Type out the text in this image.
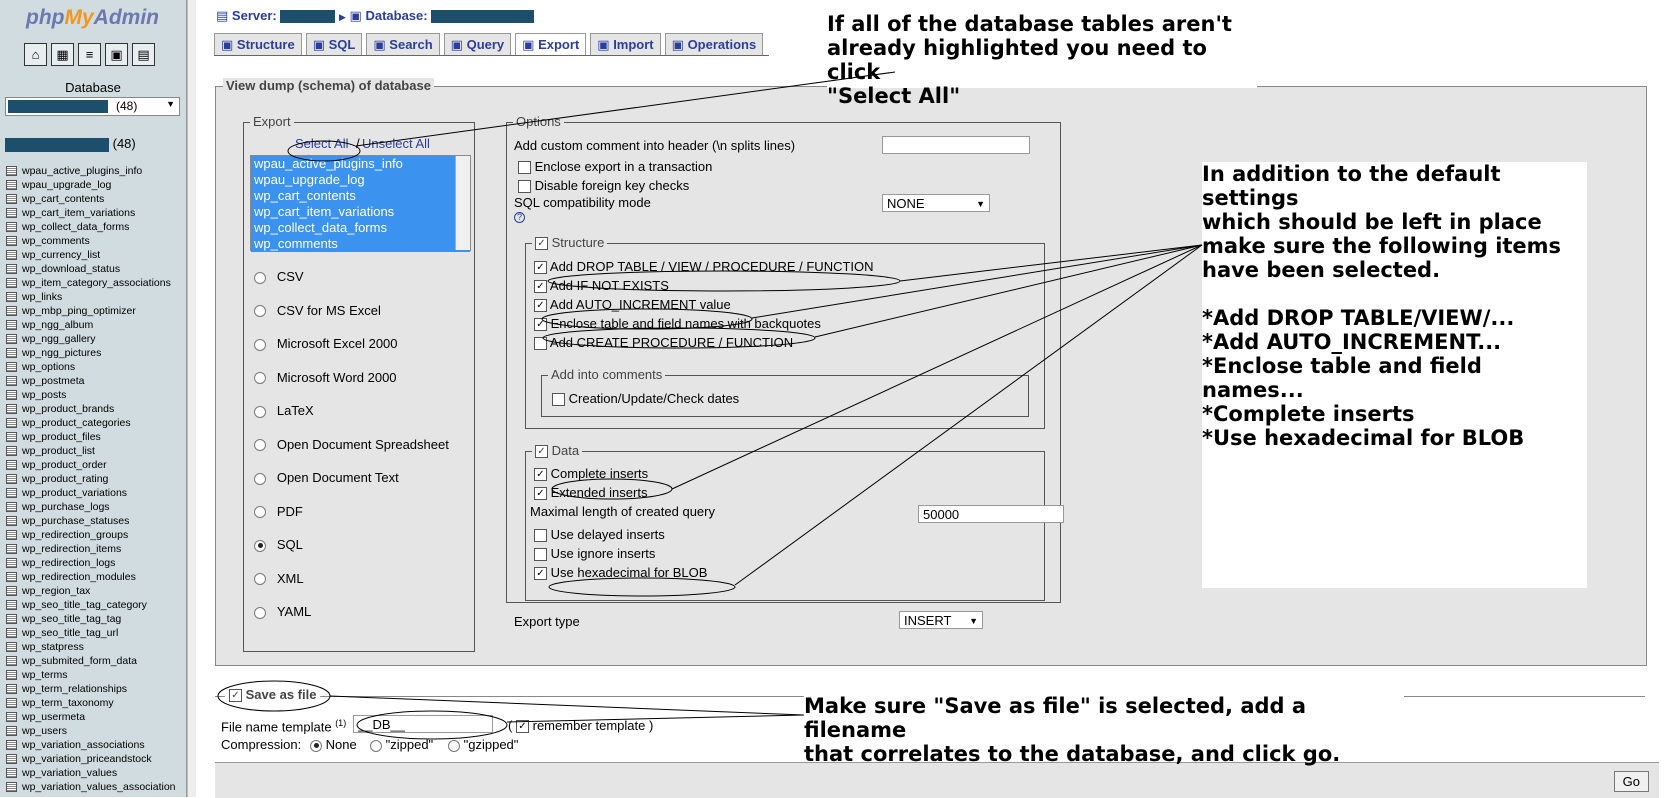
phpMyAdmin
⌂	▦	≡	▣	▤
Database
(48)	▼
(48)
wpau_active_plugins_info
wpau_upgrade_log
wp_cart_contents
wp_cart_item_variations
wp_collect_data_forms
wp_comments
wp_currency_list
wp_download_status
wp_item_category_associations
wp_links
wp_mbp_ping_optimizer
wp_ngg_album
wp_ngg_gallery
wp_ngg_pictures
wp_options
wp_postmeta
wp_posts
wp_product_brands
wp_product_categories
wp_product_files
wp_product_list
wp_product_order
wp_product_rating
wp_product_variations
wp_purchase_logs
wp_purchase_statuses
wp_redirection_groups
wp_redirection_items
wp_redirection_logs
wp_redirection_modules
wp_region_tax
wp_seo_title_tag_category
wp_seo_title_tag_tag
wp_seo_title_tag_url
wp_statpress
wp_submited_form_data
wp_terms
wp_term_relationships
wp_term_taxonomy
wp_usermeta
wp_users
wp_variation_associations
wp_variation_priceandstock
wp_variation_values
wp_variation_values_association
▤ Server:	▶ ▣ Database:
▣ Structure	▣ SQL	▣ Search	▣ Query	▣ Export	▣ Import	▣ Operations
View dump (schema) of database
Export
Select All / Unselect All
CSV
CSV for MS Excel
Microsoft Excel 2000
Microsoft Word 2000
LaTeX
Open Document Spreadsheet
Open Document Text
PDF
SQL
XML
YAML
wpau_active_plugins_info
wpau_upgrade_log
wp_cart_contents
wp_cart_item_variations
wp_collect_data_forms
wp_comments
Options
Add custom comment into header (\n splits lines)
Enclose export in a transaction
Disable foreign key checks
SQL compatibility mode
?
NONE	▼
✓ Structure
✓ Add DROP TABLE / VIEW / PROCEDURE / FUNCTION
✓ Add IF NOT EXISTS
✓ Add AUTO_INCREMENT value
✓ Enclose table and field names with backquotes
Add CREATE PROCEDURE / FUNCTION
Add into comments
Creation/Update/Check dates
✓ Data
✓ Complete inserts
✓ Extended inserts
Maximal length of created query	50000
Use delayed inserts
Use ignore inserts
✓ Use hexadecimal for BLOB
Export type	INSERT ▼
✓ Save as file
File name template $^{(1)}$ __DB__	( ✓ remember template )
Compression:	None	"zipped"	"gzipped"
Go
If all of the database tables aren't
already highlighted you need to click
"Select All"
In addition to the default settings
which should be left in place
make sure the following items
have been selected.
*Add DROP TABLE/VIEW/...
*Add AUTO_INCREMENT...
*Enclose table and field names...
*Complete inserts
*Use hexadecimal for BLOB
Make sure "Save as file" is selected, add a filename
that correlates to the database, and click go.
